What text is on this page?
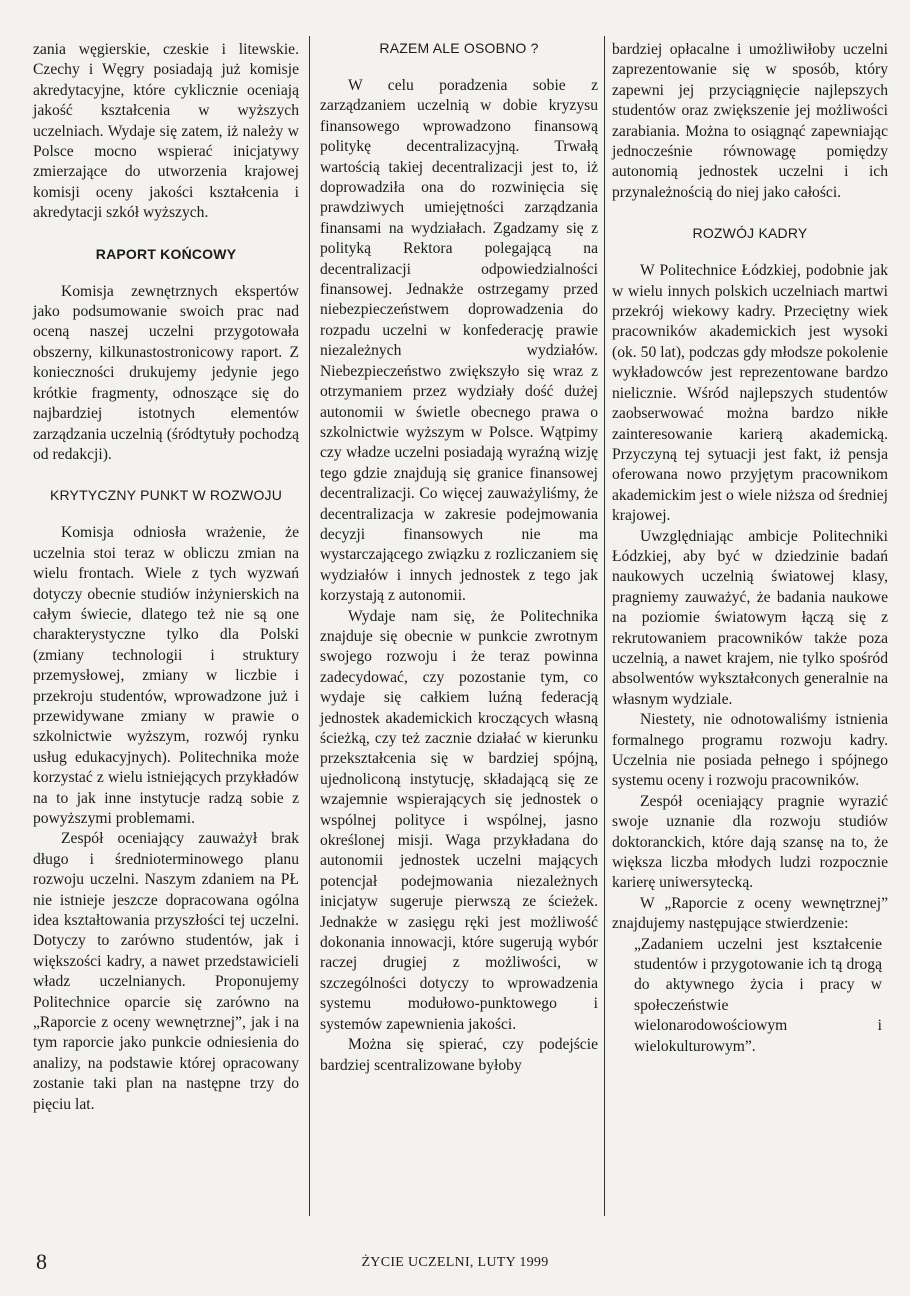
zania węgierskie, czeskie i litewskie. Czechy i Węgry posiadają już komisje akredytacyjne, które cyklicznie oceniają jakość kształcenia w wyższych uczelniach. Wydaje się zatem, iż należy w Polsce mocno wspierać inicjatywy zmierzające do utworzenia krajowej komisji oceny jakości kształcenia i akredytacji szkół wyższych.

RAPORT KOŃCOWY

Komisja zewnętrznych ekspertów jako podsumowanie swoich prac nad oceną naszej uczelni przygotowała obszerny, kilkunastostronicowy raport. Z konieczności drukujemy jedynie jego krótkie fragmenty, odnoszące się do najbardziej istotnych elementów zarządzania uczelnią (śródtytuły pochodzą od redakcji).

KRYTYCZNY PUNKT W ROZWOJU

Komisja odniosła wrażenie, że uczelnia stoi teraz w obliczu zmian na wielu frontach. Wiele z tych wyzwań dotyczy obecnie studiów inżynierskich na całym świecie, dlatego też nie są one charakterystyczne tylko dla Polski (zmiany technologii i struktury przemysłowej, zmiany w liczbie i przekroju studentów, wprowadzone już i przewidywane zmiany w prawie o szkolnictwie wyższym, rozwój rynku usług edukacyjnych). Politechnika może korzystać z wielu istniejących przykładów na to jak inne instytucje radzą sobie z powyższymi problemami.

Zespół oceniający zauważył brak długo i średnioterminowego planu rozwoju uczelni. Naszym zdaniem na PŁ nie istnieje jeszcze dopracowana ogólna idea kształtowania przyszłości tej uczelni. Dotyczy to zarówno studentów, jak i większości kadry, a nawet przedstawicieli władz uczelnianych. Proponujemy Politechnice oparcie się zarówno na „Raporcie z oceny wewnętrznej”, jak i na tym raporcie jako punkcie odniesienia do analizy, na podstawie której opracowany zostanie taki plan na następne trzy do pięciu lat.

RAZEM ALE OSOBNO ?

W celu poradzenia sobie z zarządzaniem uczelnią w dobie kryzysu finansowego wprowadzono finansową politykę decentralizacyjną. Trwałą wartością takiej decentralizacji jest to, iż doprowadziła ona do rozwinięcia się prawdziwych umiejętności zarządzania finansami na wydziałach. Zgadzamy się z polityką Rektora polegającą na decentralizacji odpowiedzialności finansowej. Jednakże ostrzegamy przed niebezpieczeństwem doprowadzenia do rozpadu uczelni w konfederację prawie niezależnych wydziałów. Niebezpieczeństwo zwiększyło się wraz z otrzymaniem przez wydziały dość dużej autonomii w świetle obecnego prawa o szkolnictwie wyższym w Polsce. Wątpimy czy władze uczelni posiadają wyraźną wizję tego gdzie znajdują się granice finansowej decentralizacji. Co więcej zauważyliśmy, że decentralizacja w zakresie podejmowania decyzji finansowych nie ma wystarczającego związku z rozliczaniem się wydziałów i innych jednostek z tego jak korzystają z autonomii.

Wydaje nam się, że Politechnika znajduje się obecnie w punkcie zwrotnym swojego rozwoju i że teraz powinna zadecydować, czy pozostanie tym, co wydaje się całkiem luźną federacją jednostek akademickich kroczących własną ścieżką, czy też zacznie działać w kierunku przekształcenia się w bardziej spójną, ujednoliconą instytucję, składającą się ze wzajemnie wspierających się jednostek o wspólnej polityce i wspólnej, jasno określonej misji. Waga przykładana do autonomii jednostek uczelni mających potencjał podejmowania niezależnych inicjatyw sugeruje pierwszą ze ścieżek. Jednakże w zasięgu ręki jest możliwość dokonania innowacji, które sugerują wybór raczej drugiej z możliwości, w szczególności dotyczy to wprowadzenia systemu modułowo-punktowego i systemów zapewnienia jakości.

Można się spierać, czy podejście bardziej scentralizowane byłoby

bardziej opłacalne i umożliwiłoby uczelni zaprezentowanie się w sposób, który zapewni jej przyciągnięcie najlepszych studentów oraz zwiększenie jej możliwości zarabiania. Można to osiągnąć zapewniając jednocześnie równowagę pomiędzy autonomią jednostek uczelni i ich przynależnością do niej jako całości.

ROZWÓJ KADRY

W Politechnice Łódzkiej, podobnie jak w wielu innych polskich uczelniach martwi przekrój wiekowy kadry. Przeciętny wiek pracowników akademickich jest wysoki (ok. 50 lat), podczas gdy młodsze pokolenie wykładowców jest reprezentowane bardzo nielicznie. Wśród najlepszych studentów zaobserwować można bardzo nikłe zainteresowanie karierą akademicką. Przyczyną tej sytuacji jest fakt, iż pensja oferowana nowo przyjętym pracownikom akademickim jest o wiele niższa od średniej krajowej.

Uwzględniając ambicje Politechniki Łódzkiej, aby być w dziedzinie badań naukowych uczelnią światowej klasy, pragniemy zauważyć, że badania naukowe na poziomie światowym łączą się z rekrutowaniem pracowników także poza uczelnią, a nawet krajem, nie tylko spośród absolwentów wykształconych generalnie na własnym wydziale.

Niestety, nie odnotowaliśmy istnienia formalnego programu rozwoju kadry. Uczelnia nie posiada pełnego i spójnego systemu oceny i rozwoju pracowników.

Zespół oceniający pragnie wyrazić swoje uznanie dla rozwoju studiów doktoranckich, które dają szansę na to, że większa liczba młodych ludzi rozpocznie karierę uniwersytecką.

W „Raporcie z oceny wewnętrznej” znajdujemy następujące stwierdzenie:

„Zadaniem uczelni jest kształcenie studentów i przygotowanie ich tą drogą do aktywnego życia i pracy w społeczeństwie wielonarodowościowym i wielokulturowym”.

8	ŻYCIE UCZELNI, LUTY 1999
